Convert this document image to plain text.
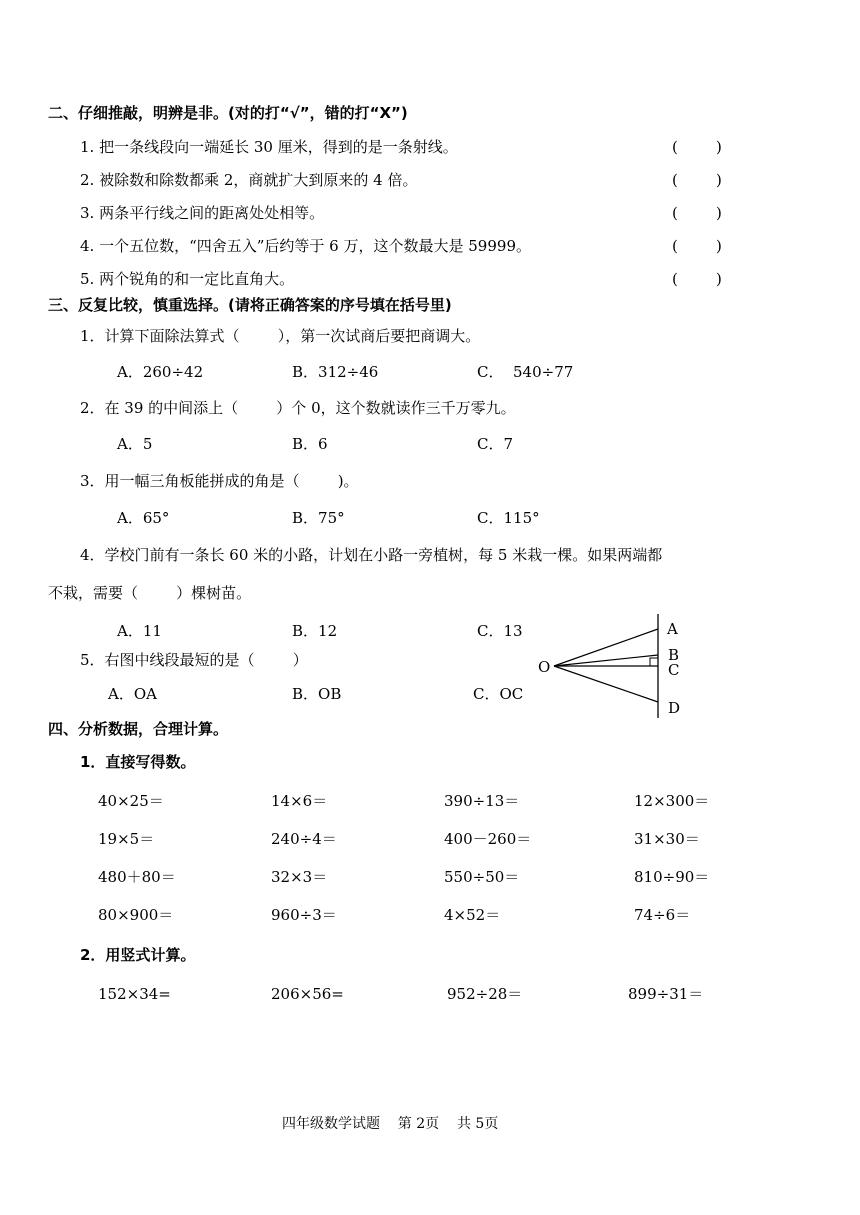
二、仔细推敲，明辨是非。(对的打“√”，错的打“X”)
1. 把一条线段向一端延长 30 厘米，得到的是一条射线。	(        )
2. 被除数和除数都乘 2，商就扩大到原来的 4 倍。	(        )
3. 两条平行线之间的距离处处相等。	(        )
4. 一个五位数，“四舍五入”后约等于 6 万，这个数最大是 59999。	(        )
5. 两个锐角的和一定比直角大。	(        )
三、反复比较，慎重选择。(请将正确答案的序号填在括号里)
1．计算下面除法算式（        ），第一次试商后要把商调大。
A．260÷42	B．312÷46	C．  540÷77
2．在 39 的中间添上（        ）个 0，这个数就读作三千万零九。
A．5	B．6	C．7
3．用一幅三角板能拼成的角是（        )。
A．65°	B．75°	C．115°
4．学校门前有一条长 60 米的小路，计划在小路一旁植树，每 5 米栽一棵。如果两端都
不栽，需要（        ）棵树苗。
A．11	B．12	C．13
5．右图中线段最短的是（        ）
A．OA	B．OB	C．OC
A
B
C
D
O
四、分析数据，合理计算。
1．直接写得数。
40×25＝	14×6＝	390÷13＝	12×300＝
19×5＝	240÷4＝	400－260＝	31×30＝
480＋80＝	32×3＝	550÷50＝	810÷90＝
80×900＝	960÷3＝	4×52＝	74÷6＝
2．用竖式计算。
152×34=	206×56=	952÷28＝	899÷31＝
四年级数学试题    第 2页    共 5页
